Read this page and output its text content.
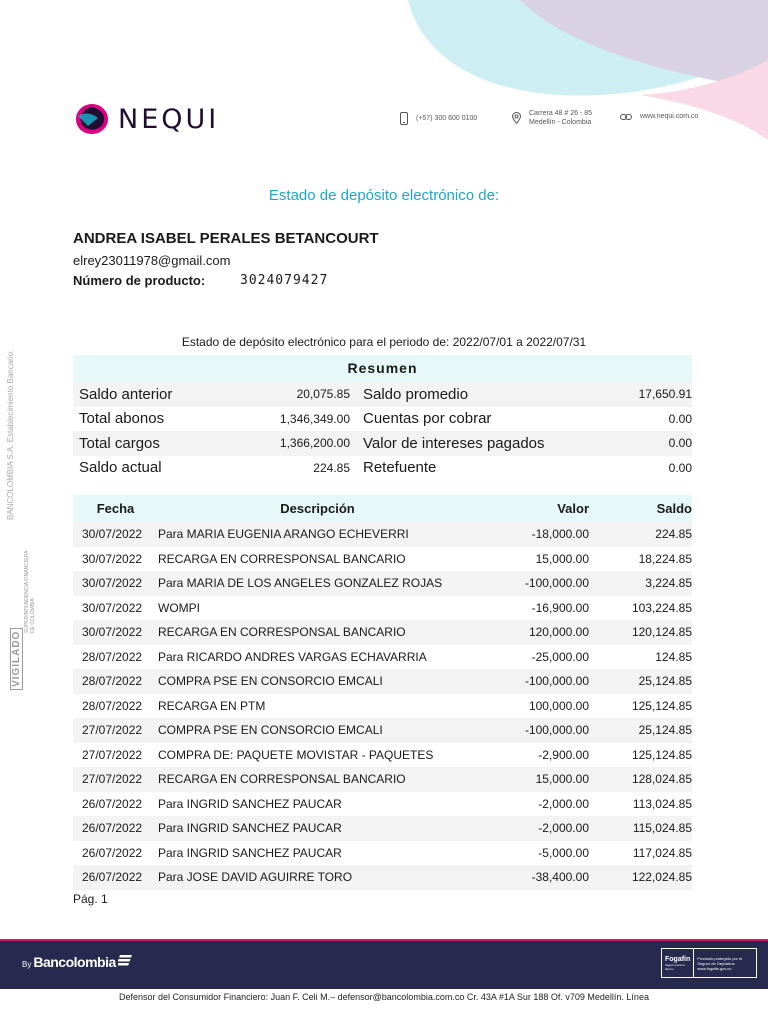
NEQUI	(+57) 300 600 0100
Carrera 48 # 26 - 85
Medellín - Colombia
www.nequi.com.co
Estado de depósito electrónico de:
ANDREA ISABEL PERALES BETANCOURT
elrey23011978@gmail.com
Número de producto:	3024079427
Estado de depósito electrónico para el periodo de: 2022/07/01 a 2022/07/31
Resumen
Saldo anterior	20,075.85 Saldo promedio	17,650.91
Total abonos	1,346,349.00 Cuentas por cobrar	0.00
Total cargos	1,366,200.00 Valor de intereses pagados	0.00
Saldo actual	224.85 Retefuente	0.00
Fecha	Descripción	Valor	Saldo
30/07/2022	Para MARIA EUGENIA ARANGO ECHEVERRI	-18,000.00	224.85
30/07/2022	RECARGA EN CORRESPONSAL BANCARIO	15,000.00	18,224.85
30/07/2022	Para MARIA DE LOS ANGELES GONZALEZ ROJAS	-100,000.00	3,224.85
30/07/2022	WOMPI	-16,900.00	103,224.85
30/07/2022	RECARGA EN CORRESPONSAL BANCARIO	120,000.00	120,124.85
28/07/2022	Para RICARDO ANDRES VARGAS ECHAVARRIA	-25,000.00	124.85
28/07/2022	COMPRA PSE EN CONSORCIO EMCALI	-100,000.00	25,124.85
28/07/2022	RECARGA EN PTM	100,000.00	125,124.85
27/07/2022	COMPRA PSE EN CONSORCIO EMCALI	-100,000.00	25,124.85
27/07/2022	COMPRA DE: PAQUETE MOVISTAR - PAQUETES	-2,900.00	125,124.85
27/07/2022	RECARGA EN CORRESPONSAL BANCARIO	15,000.00	128,024.85
26/07/2022	Para INGRID SANCHEZ PAUCAR	-2,000.00	113,024.85
26/07/2022	Para INGRID SANCHEZ PAUCAR	-2,000.00	115,024.85
26/07/2022	Para INGRID SANCHEZ PAUCAR	-5,000.00	117,024.85
26/07/2022	Para JOSE DAVID AGUIRRE TORO	-38,400.00	122,024.85
Pág. 1
BANCOLOMBIA S.A. Establecimiento Bancario.
VIGILADO
SUPERINTENDENCIA FINANCIERA
DE COLOMBIA
By Bancolombia	Fogafín
Seguro para tu ahorro
Producto protegido por el Seguro de Depósitos
www.fogafin.gov.co
Defensor del Consumidor Financiero: Juan F. Celi M.– defensor@bancolombia.com.co Cr. 43A #1A Sur 188 Of. v709 Medellín. Línea
